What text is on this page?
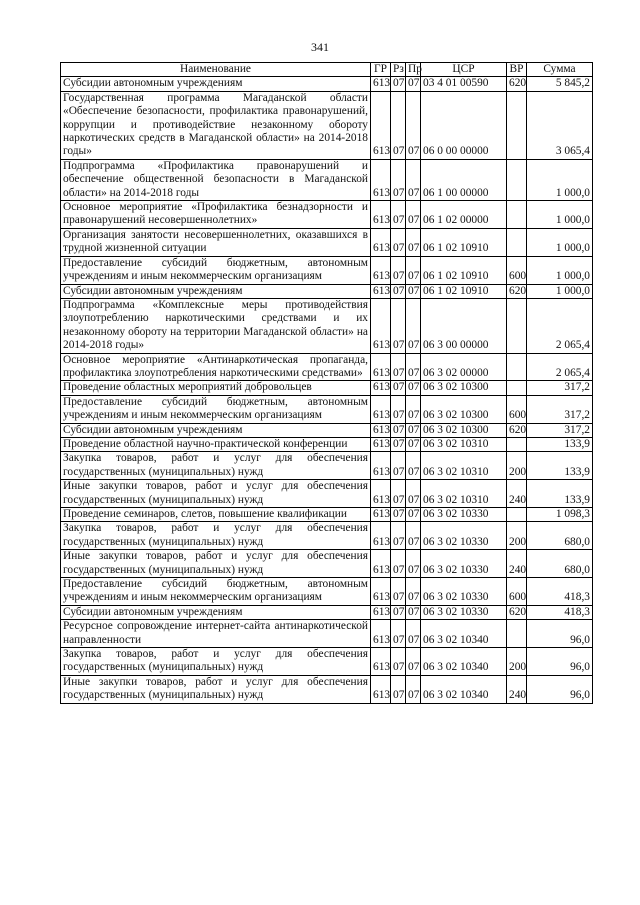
341
Наименование	ГР	Рз	Пр	ЦСР	ВР	Сумма
Субсидии автономным учреждениям	613	07	07	03 4 01 00590	620	5 845,2
Государственная программа Магаданской области «Обеспечение безопасности, профилактика правонарушений, коррупции и противодействие незаконному обороту наркотических средств в Магаданской области» на 2014-2018 годы»	613	07	07	06 0 00 00000		3 065,4
Подпрограмма «Профилактика правонарушений и обеспечение общественной безопасности в Магаданской области» на 2014-2018 годы	613	07	07	06 1 00 00000		1 000,0
Основное мероприятие «Профилактика безнадзорности и правонарушений несовершеннолетних»	613	07	07	06 1 02 00000		1 000,0
Организация занятости несовершеннолетних, оказавшихся в трудной жизненной ситуации	613	07	07	06 1 02 10910		1 000,0
Предоставление субсидий бюджетным, автономным учреждениям и иным некоммерческим организациям	613	07	07	06 1 02 10910	600	1 000,0
Субсидии автономным учреждениям	613	07	07	06 1 02 10910	620	1 000,0
Подпрограмма «Комплексные меры противодействия злоупотреблению наркотическими средствами и их незаконному обороту на территории Магаданской области» на 2014-2018 годы»	613	07	07	06 3 00 00000		2 065,4
Основное мероприятие «Антинаркотическая пропаганда, профилактика злоупотребления наркотическими средствами»	613	07	07	06 3 02 00000		2 065,4
Проведение областных мероприятий добровольцев	613	07	07	06 3 02 10300		317,2
Предоставление субсидий бюджетным, автономным учреждениям и иным некоммерческим организациям	613	07	07	06 3 02 10300	600	317,2
Субсидии автономным учреждениям	613	07	07	06 3 02 10300	620	317,2
Проведение областной научно-практической конференции	613	07	07	06 3 02 10310		133,9
Закупка товаров, работ и услуг для обеспечения государственных (муниципальных) нужд	613	07	07	06 3 02 10310	200	133,9
Иные закупки товаров, работ и услуг для обеспечения государственных (муниципальных) нужд	613	07	07	06 3 02 10310	240	133,9
Проведение семинаров, слетов, повышение квалификации	613	07	07	06 3 02 10330		1 098,3
Закупка товаров, работ и услуг для обеспечения государственных (муниципальных) нужд	613	07	07	06 3 02 10330	200	680,0
Иные закупки товаров, работ и услуг для обеспечения государственных (муниципальных) нужд	613	07	07	06 3 02 10330	240	680,0
Предоставление субсидий бюджетным, автономным учреждениям и иным некоммерческим организациям	613	07	07	06 3 02 10330	600	418,3
Субсидии автономным учреждениям	613	07	07	06 3 02 10330	620	418,3
Ресурсное сопровождение интернет-сайта антинаркотической направленности	613	07	07	06 3 02 10340		96,0
Закупка товаров, работ и услуг для обеспечения государственных (муниципальных) нужд	613	07	07	06 3 02 10340	200	96,0
Иные закупки товаров, работ и услуг для обеспечения государственных (муниципальных) нужд	613	07	07	06 3 02 10340	240	96,0
